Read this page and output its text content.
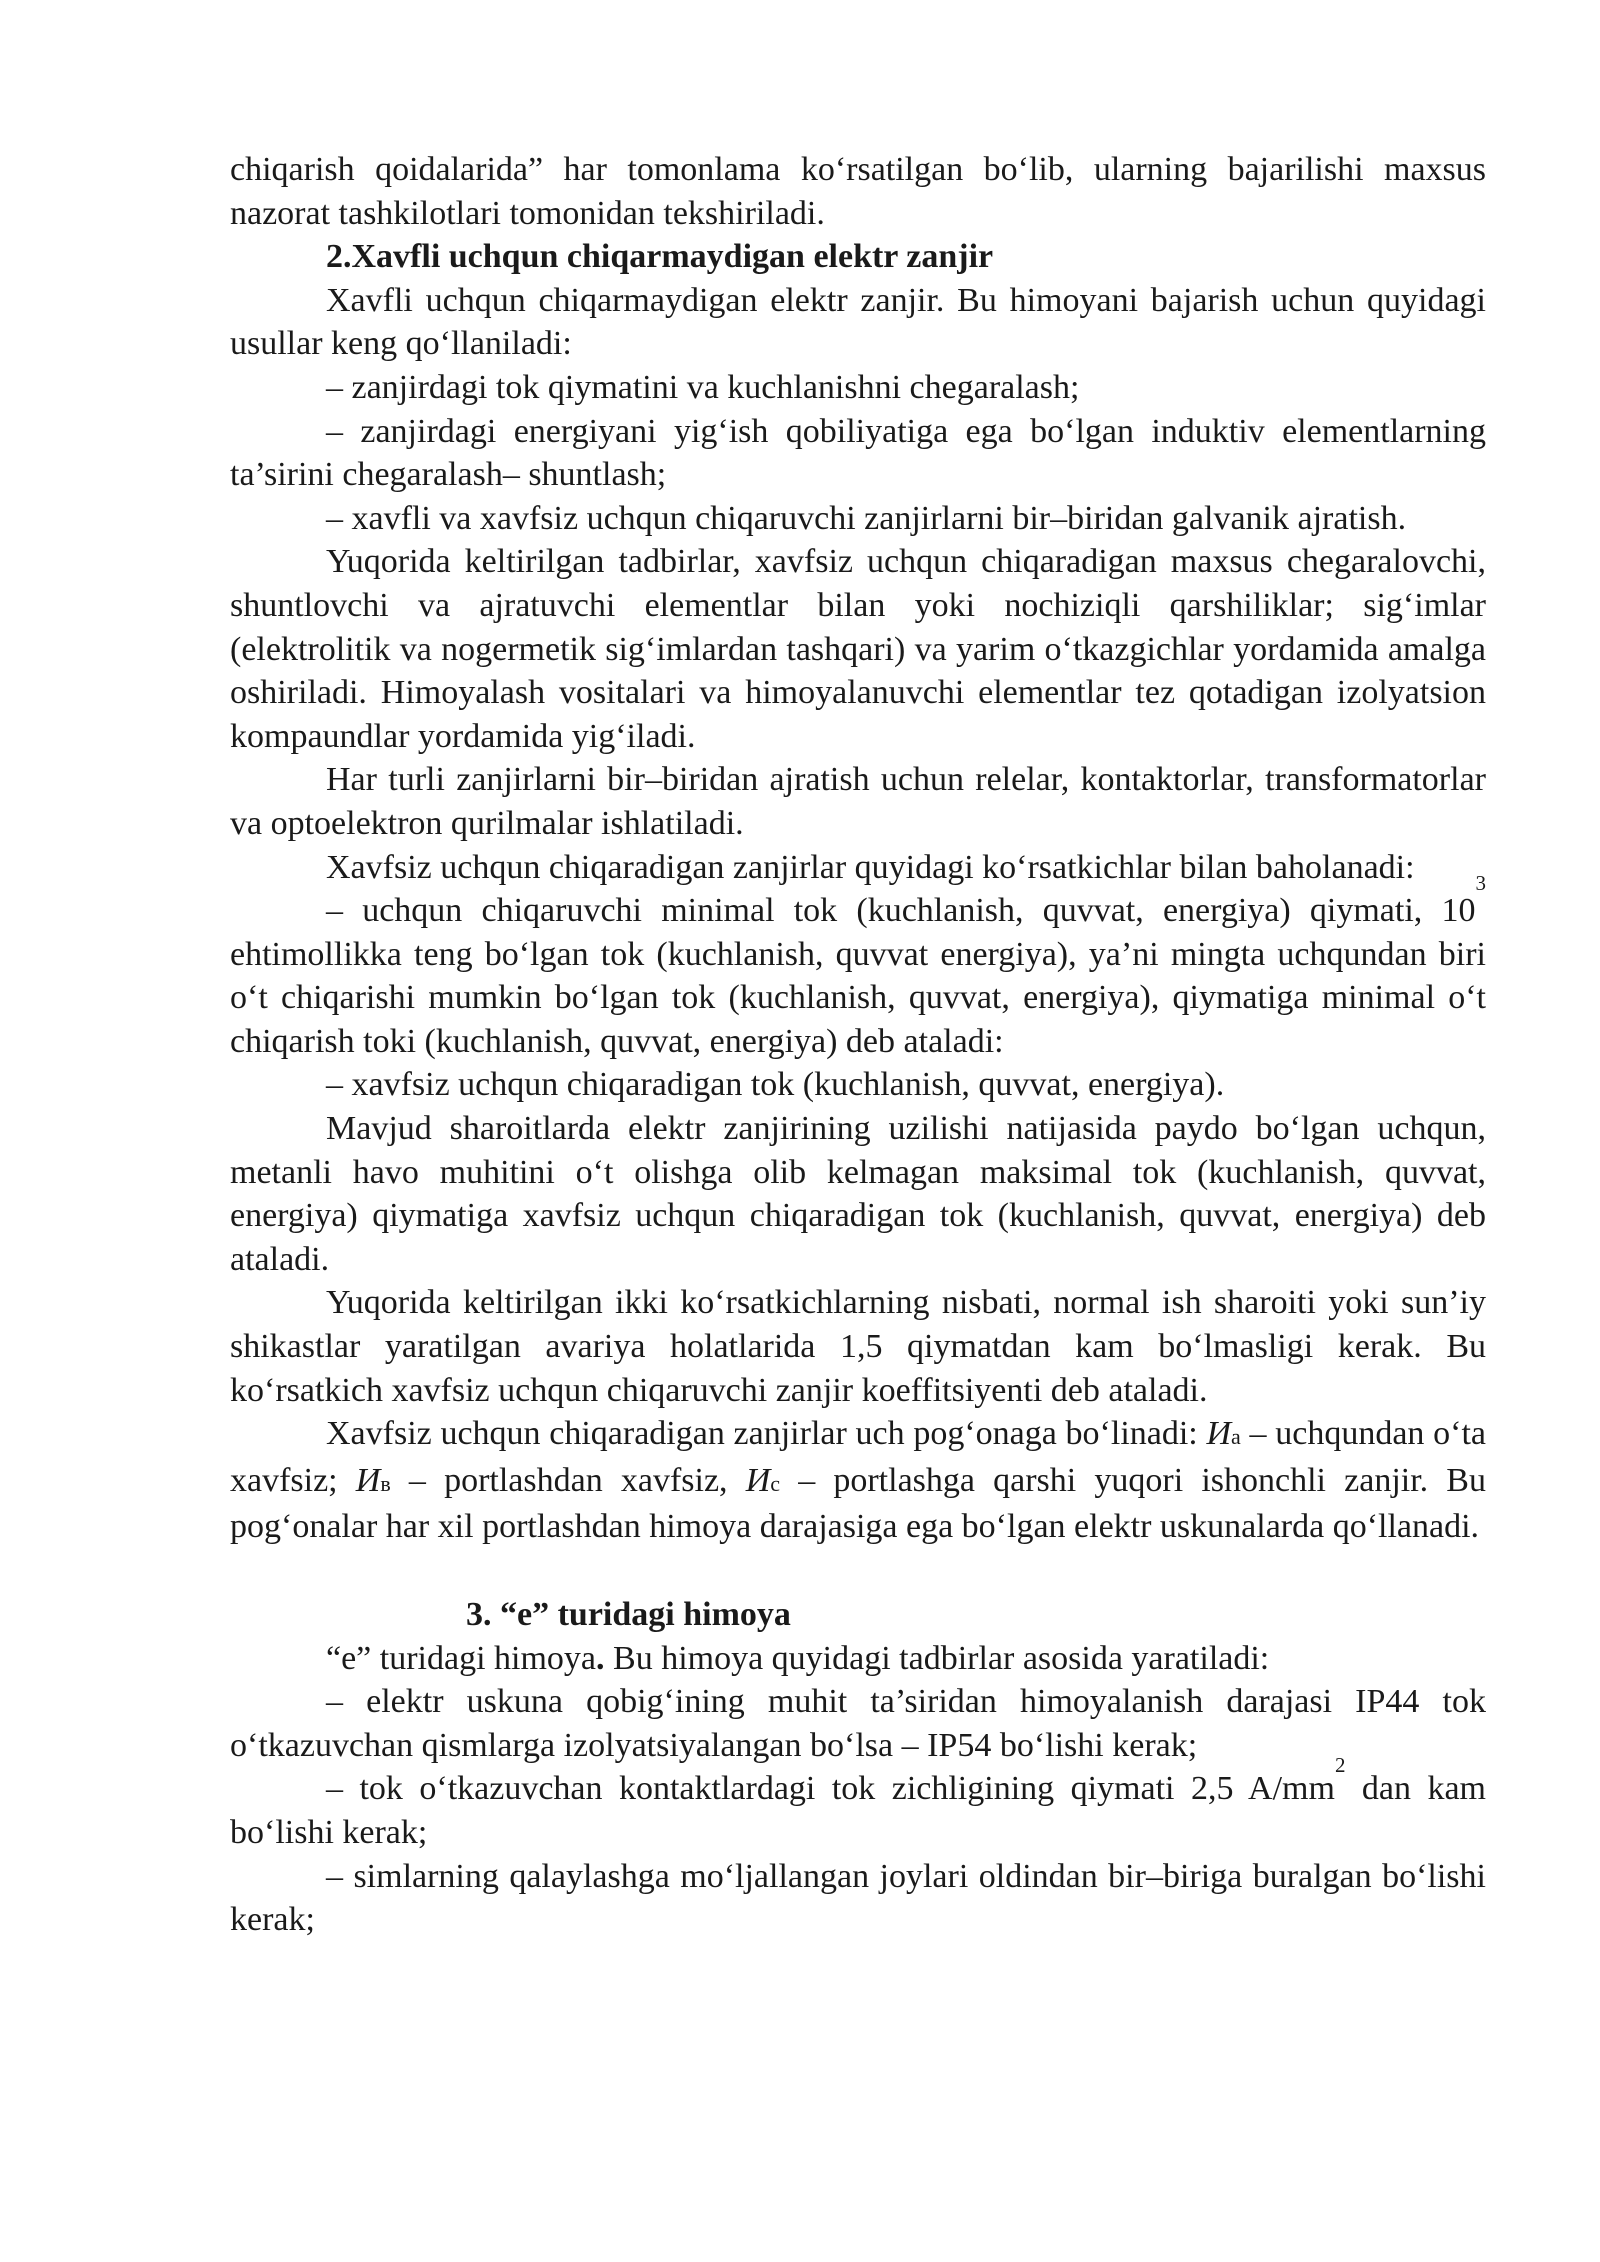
chiqarish qoidalarida” har tomonlama ko‘rsatilgan bo‘lib, ularning bajarilishi maxsus nazorat tashkilotlari tomonidan tekshiriladi.

2.Xavfli uchqun chiqarmaydigan elektr zanjir

Xavfli uchqun chiqarmaydigan elektr zanjir. Bu himoyani bajarish uchun quyidagi usullar keng qo‘llaniladi:

– zanjirdagi tok qiymatini va kuchlanishni chegaralash;

– zanjirdagi energiyani yig‘ish qobiliyatiga ega bo‘lgan induktiv elementlarning ta’sirini chegaralash– shuntlash;

– xavfli va xavfsiz uchqun chiqaruvchi zanjirlarni bir–biridan galvanik ajratish.

Yuqorida keltirilgan tadbirlar, xavfsiz uchqun chiqaradigan maxsus chegaralovchi, shuntlovchi va ajratuvchi elementlar bilan yoki nochiziqli qarshiliklar; sig‘imlar (elektrolitik va nogermetik sig‘imlardan tashqari) va yarim o‘tkazgichlar yordamida amalga oshiriladi. Himoyalash vositalari va himoyalanuvchi elementlar tez qotadigan izolyatsion kompaundlar yordamida yig‘iladi.

Har turli zanjirlarni bir–biridan ajratish uchun relelar, kontaktorlar, transformatorlar va optoelektron qurilmalar ishlatiladi.

Xavfsiz uchqun chiqaradigan zanjirlar quyidagi ko‘rsatkichlar bilan baholanadi:

– uchqun chiqaruvchi minimal tok (kuchlanish, quvvat, energiya) qiymati, $10^3$ ehtimollikka teng bo‘lgan tok (kuchlanish, quvvat energiya), ya’ni mingta uchqundan biri o‘t chiqarishi mumkin bo‘lgan tok (kuchlanish, quvvat, energiya), qiymatiga minimal o‘t chiqarish toki (kuchlanish, quvvat, energiya) deb ataladi:

– xavfsiz uchqun chiqaradigan tok (kuchlanish, quvvat, energiya).

Mavjud sharoitlarda elektr zanjirining uzilishi natijasida paydo bo‘lgan uchqun, metanli havo muhitini o‘t olishga olib kelmagan maksimal tok (kuchlanish, quvvat, energiya) qiymatiga xavfsiz uchqun chiqaradigan tok (kuchlanish, quvvat, energiya) deb ataladi.

Yuqorida keltirilgan ikki ko‘rsatkichlarning nisbati, normal ish sharoiti yoki sun’iy shikastlar yaratilgan avariya holatlarida 1,5 qiymatdan kam bo‘lmasligi kerak. Bu ko‘rsatkich xavfsiz uchqun chiqaruvchi zanjir koeffitsiyenti deb ataladi.

Xavfsiz uchqun chiqaradigan zanjirlar uch pog‘onaga bo‘linadi: Иа – uchqundan o‘ta xavfsiz; Ив – portlashdan xavfsiz, Ис – portlashga qarshi yuqori ishonchli zanjir. Bu pog‘onalar har xil portlashdan himoya darajasiga ega bo‘lgan elektr uskunalarda qo‘llanadi.

3. “e” turidagi himoya

“e” turidagi himoya. Bu himoya quyidagi tadbirlar asosida yaratiladi:

– elektr uskuna qobig‘ining muhit ta’siridan himoyalanish darajasi IP44 tok o‘tkazuvchan qismlarga izolyatsiyalangan bo‘lsa – IP54 bo‘lishi kerak;

– tok o‘tkazuvchan kontaktlardagi tok zichligining qiymati 2,5 $A/mm^2$ dan kam bo‘lishi kerak;

– simlarning qalaylashga mo‘ljallangan joylari oldindan bir–biriga buralgan bo‘lishi kerak;
